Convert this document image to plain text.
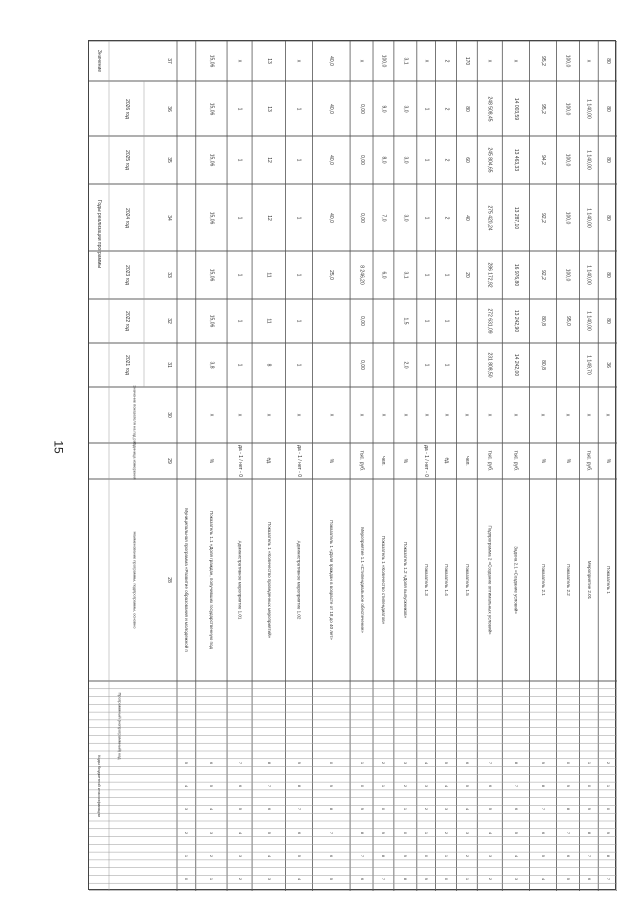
15
Значение
Годы реализации программы
2021 год
2022 год
2023 год
2024 год
2025 год
2026 год
Значение показателя на год раз
Единица измерения
Наименование программы, подпрограммы, основно
Коды бюджетной классификации
Программный (непрограммный) код
28
29
30
31
32
33
34
35
36
37
Муниципальная программа «Развитие образования и молодежной п
0
1
2
3
4
5
Показатель 1.1 «Доля граждан, получивших государственную под
%
х
3,8
15,06
15,06
15,06
15,06
15,06
15,06
1
2
3
4
5
6
Административное мероприятие 1.01
да - 1 / нет - 0
х
1
1
1
1
1
1
х
2
3
4
5
6
7
Показатель 1 «Количество проведенных мероприятий»
ед.
х
8
11
11
12
12
13
13
3
4
5
6
7
8
Административное мероприятие 1.02
да - 1 / нет - 0
х
1
1
1
1
1
1
х
4
5
6
7
8
9
Показатель 1 «Доля граждан в возрасте от 18 до 40 лет»
%
х
25,0
40,0
40,0
40,0
40,0
5
6
7
8
9
0
Мероприятие 1.1 «Стипендиальное обеспечение»
тыс. руб.
х
0,00
0,00
8 246,20
0,00
0,00
0,00
х
6
7
8
9
0
1
Показатель 1 «Количество стипендиатов»
чел.
х
6,0
7,0
8,0
9,0
100,0
7
8
9
0
1
2
Показатель 1.2 «Доля выпускников»
%
х
2,0
1,5
3,1
3,0
3,0
3,0
3,1
8
9
0
1
2
3
Показатель 1.3
да - 1 / нет - 0
х
1
1
1
1
1
1
х
9
0
1
2
3
4
Показатель 1.4
ед.
х
1
1
1
2
2
2
2
0
1
2
3
4
5
Показатель 1.5
чел.
х
20
40
60
80
170
1
2
3
4
5
6
Подпрограмма 2 «Создание оптимальных условий»
тыс. руб.
х
231 808,50
272 631,09
286 172,92
275 420,24
245 804,65
248 508,45
х
2
3
4
5
6
7
Задача 2.1 «Создание условий»
тыс. руб.
х
14 242,00
13 242,90
16 976,80
13 287,10
13 463,33
14 003,59
х
3
4
5
6
7
8
Показатель 2.1
%
х
80,8
80,8
92,2
92,2
94,2
95,2
95,2
4
5
6
7
8
9
Показатель 2.2
%
х
95,0
100,0
100,0
100,0
100,0
100,0
5
6
7
8
9
0
Мероприятие 2.01
тыс. руб.
х
1 149,70
1 140,00
1 140,00
1 140,00
1 140,00
1 140,00
х
6
7
8
9
0
1
Показатель 1
%
х
36
80
80
80
80
80
80
7
8
9
0
1
2
